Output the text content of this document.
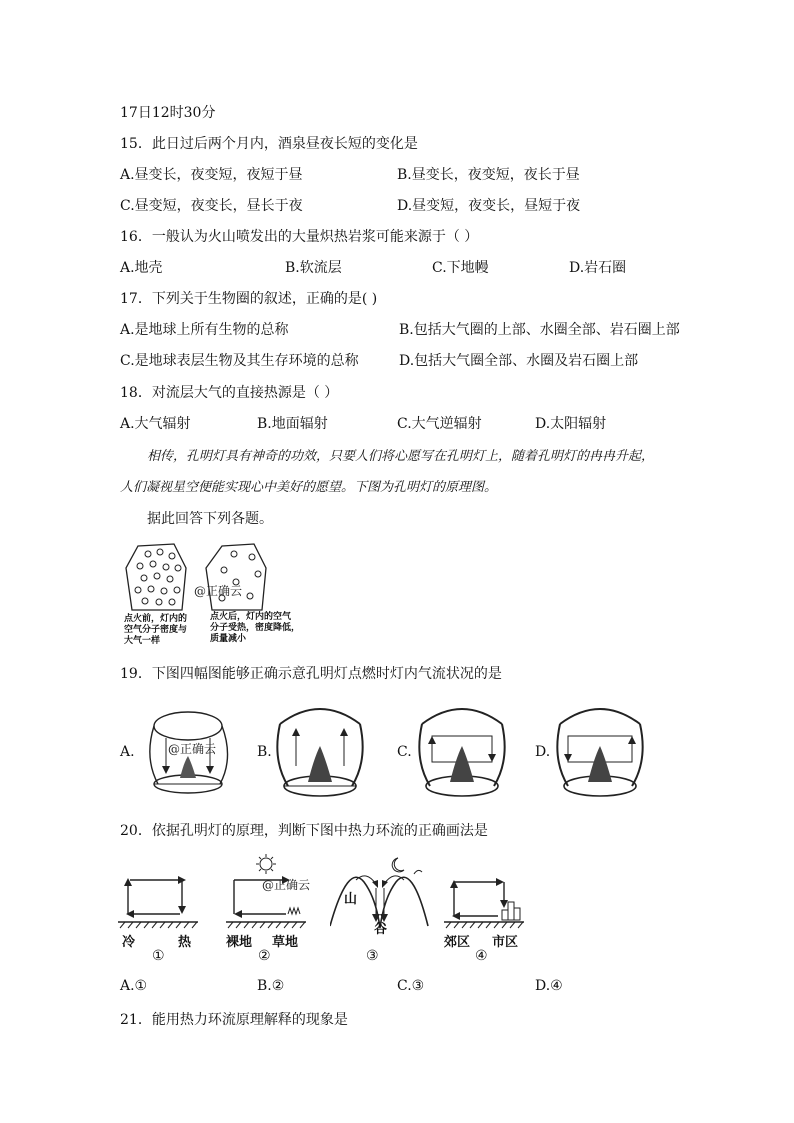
17日12时30分
15．此日过后两个月内，酒泉昼夜长短的变化是
A.昼变长，夜变短，夜短于昼	B.昼变长，夜变短，夜长于昼
C.昼变短，夜变长，昼长于夜	D.昼变短，夜变长，昼短于夜
16．一般认为火山喷发出的大量炽热岩浆可能来源于（ ）
A.地壳	B.软流层	C.下地幔	D.岩石圈
17．下列关于生物圈的叙述，正确的是( )
A.是地球上所有生物的总称	B.包括大气圈的上部、水圈全部、岩石圈上部
C.是地球表层生物及其生存环境的总称	D.包括大气圈全部、水圈及岩石圈上部
18．对流层大气的直接热源是（ ）
A.大气辐射	B.地面辐射	C.大气逆辐射	D.太阳辐射
相传，孔明灯具有神奇的功效，只要人们将心愿写在孔明灯上，随着孔明灯的冉冉升起，
人们凝视星空便能实现心中美好的愿望。下图为孔明灯的原理图。
据此回答下列各题。
@正确云
点火前，灯内的
空气分子密度与
大气一样
点火后，灯内的空气
分子受热，密度降低，
质量减小
19．下图四幅图能够正确示意孔明灯点燃时灯内气流状况的是
A.	@正确云	B.	C.	D.
20．依据孔明灯的原理，判断下图中热力环流的正确画法是
冷	热
①
@正确云
裸地 草地
②
山
谷
③
郊区 市区
④
A.①	B.②	C.③	D.④
21．能用热力环流原理解释的现象是
